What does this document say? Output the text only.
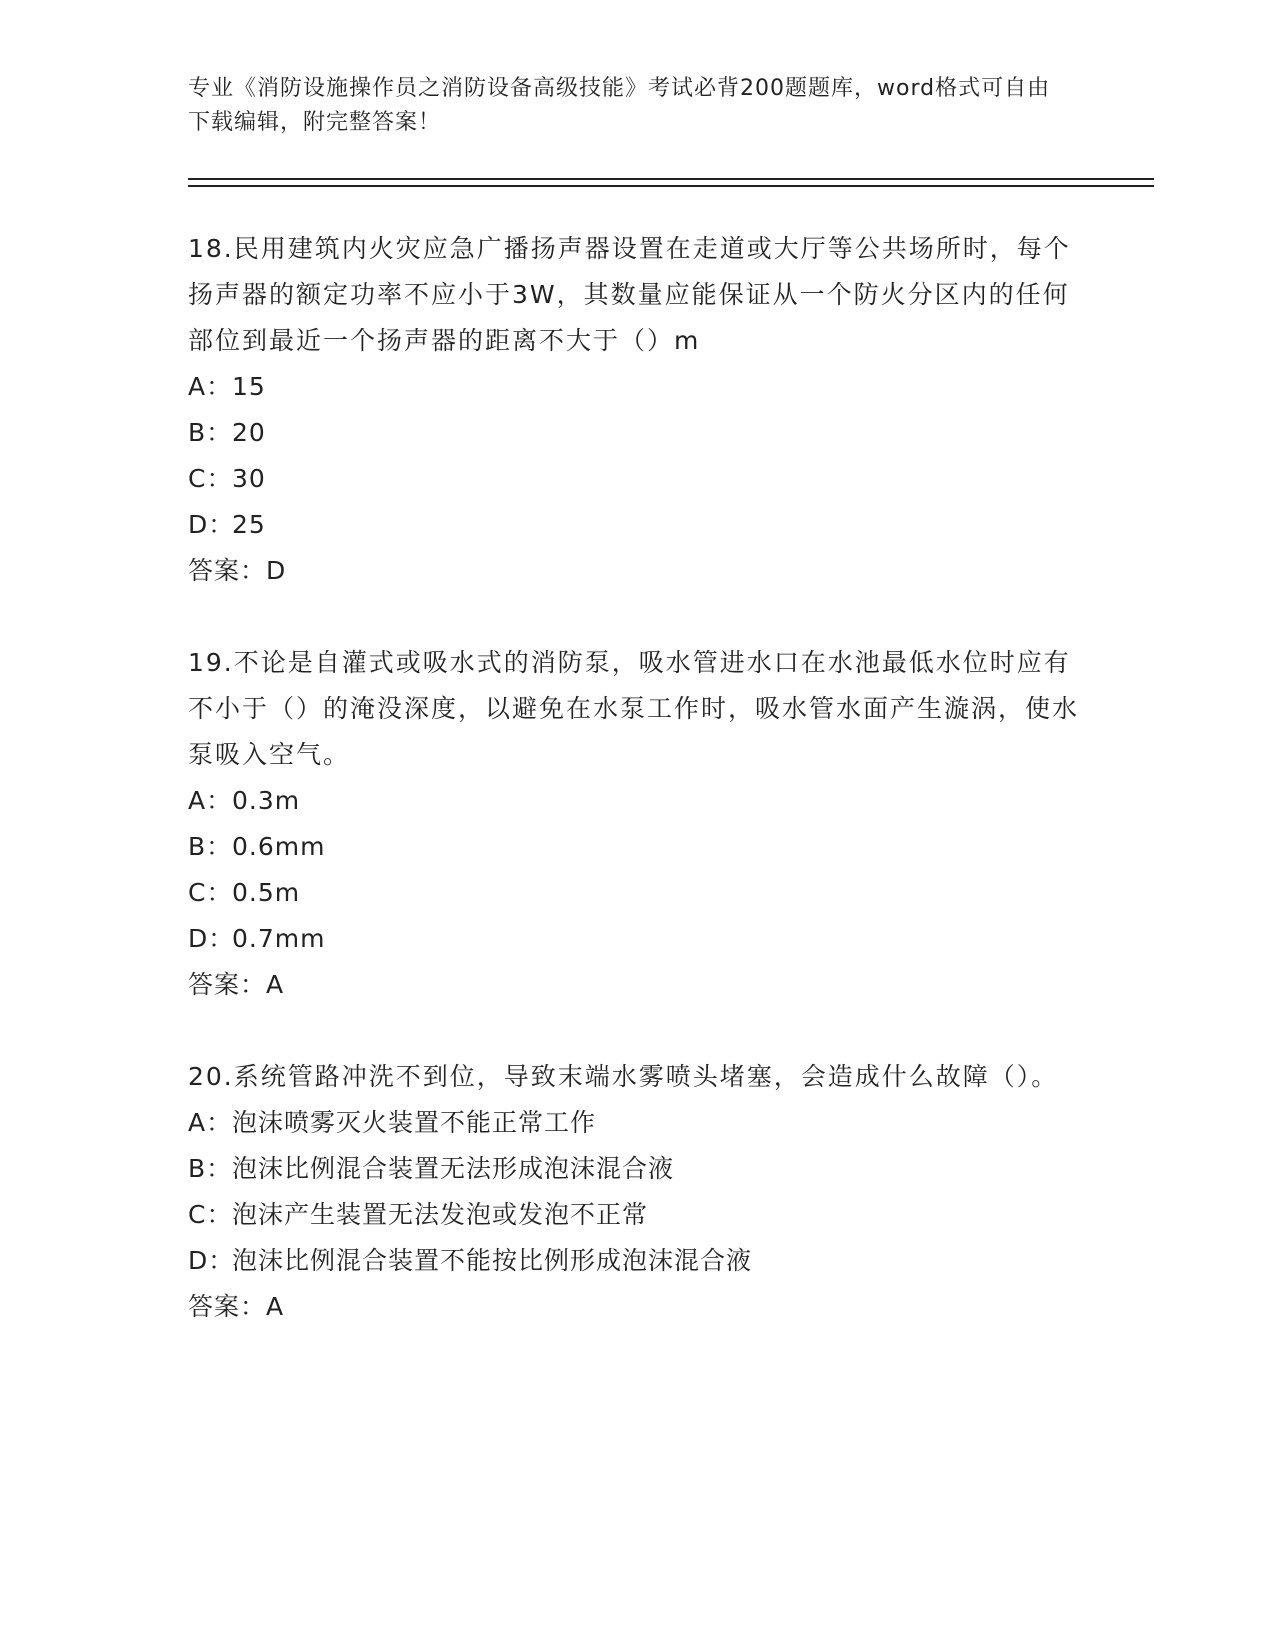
专业《消防设施操作员之消防设备高级技能》考试必背200题题库，word格式可自由下载编辑，附完整答案！

18.民用建筑内火灾应急广播扬声器设置在走道或大厅等公共场所时，每个扬声器的额定功率不应小于3W，其数量应能保证从一个防火分区内的任何部位到最近一个扬声器的距离不大于（）m

A：15

B：20

C：30

D：25

答案：D

19.不论是自灌式或吸水式的消防泵，吸水管进水口在水池最低水位时应有不小于（）的淹没深度，以避免在水泵工作时，吸水管水面产生漩涡，使水泵吸入空气。

A：0.3m

B：0.6mm

C：0.5m

D：0.7mm

答案：A

20.系统管路冲洗不到位，导致末端水雾喷头堵塞，会造成什么故障（）。

A：泡沫喷雾灭火装置不能正常工作

B：泡沫比例混合装置无法形成泡沫混合液

C：泡沫产生装置无法发泡或发泡不正常

D：泡沫比例混合装置不能按比例形成泡沫混合液

答案：A
